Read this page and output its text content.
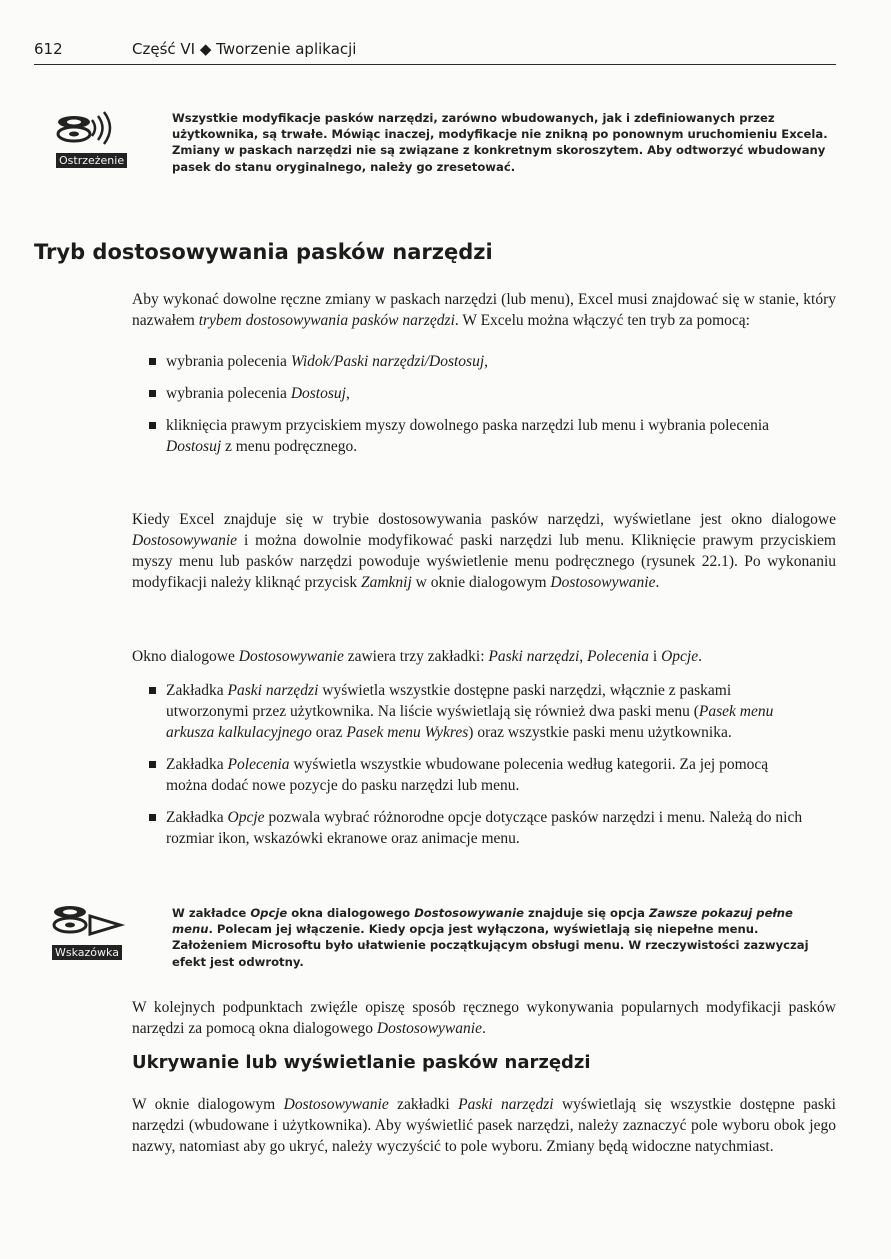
612	Część VI ◆ Tworzenie aplikacji
Ostrzeżenie
Wszystkie modyfikacje pasków narzędzi, zarówno wbudowanych, jak i zdefiniowanych przez użytkownika, są trwałe. Mówiąc inaczej, modyfikacje nie znikną po ponownym uruchomieniu Excela. Zmiany w paskach narzędzi nie są związane z konkretnym skoroszytem. Aby odtworzyć wbudowany pasek do stanu oryginalnego, należy go zresetować.
Tryb dostosowywania pasków narzędzi

Aby wykonać dowolne ręczne zmiany w paskach narzędzi (lub menu), Excel musi znajdować się w stanie, który nazwałem trybem dostosowywania pasków narzędzi. W Excelu można włączyć ten tryb za pomocą:

wybrania polecenia Widok/Paski narzędzi/Dostosuj,
wybrania polecenia Dostosuj,
kliknięcia prawym przyciskiem myszy dowolnego paska narzędzi lub menu i wybrania polecenia Dostosuj z menu podręcznego.

Kiedy Excel znajduje się w trybie dostosowywania pasków narzędzi, wyświetlane jest okno dialogowe Dostosowywanie i można dowolnie modyfikować paski narzędzi lub menu. Kliknięcie prawym przyciskiem myszy menu lub pasków narzędzi powoduje wyświetlenie menu podręcznego (rysunek 22.1). Po wykonaniu modyfikacji należy kliknąć przycisk Zamknij w oknie dialogowym Dostosowywanie.

Okno dialogowe Dostosowywanie zawiera trzy zakładki: Paski narzędzi, Polecenia i Opcje.

Zakładka Paski narzędzi wyświetla wszystkie dostępne paski narzędzi, włącznie z paskami utworzonymi przez użytkownika. Na liście wyświetlają się również dwa paski menu (Pasek menu arkusza kalkulacyjnego oraz Pasek menu Wykres) oraz wszystkie paski menu użytkownika.
Zakładka Polecenia wyświetla wszystkie wbudowane polecenia według kategorii. Za jej pomocą można dodać nowe pozycje do pasku narzędzi lub menu.
Zakładka Opcje pozwala wybrać różnorodne opcje dotyczące pasków narzędzi i menu. Należą do nich rozmiar ikon, wskazówki ekranowe oraz animacje menu.
Wskazówka
W zakładce Opcje okna dialogowego Dostosowywanie znajduje się opcja Zawsze pokazuj pełne menu. Polecam jej włączenie. Kiedy opcja jest wyłączona, wyświetlają się niepełne menu. Założeniem Microsoftu było ułatwienie początkującym obsługi menu. W rzeczywistości zazwyczaj efekt jest odwrotny.

W kolejnych podpunktach zwięźle opiszę sposób ręcznego wykonywania popularnych modyfikacji pasków narzędzi za pomocą okna dialogowego Dostosowywanie.

Ukrywanie lub wyświetlanie pasków narzędzi

W oknie dialogowym Dostosowywanie zakładki Paski narzędzi wyświetlają się wszystkie dostępne paski narzędzi (wbudowane i użytkownika). Aby wyświetlić pasek narzędzi, należy zaznaczyć pole wyboru obok jego nazwy, natomiast aby go ukryć, należy wyczyścić to pole wyboru. Zmiany będą widoczne natychmiast.
